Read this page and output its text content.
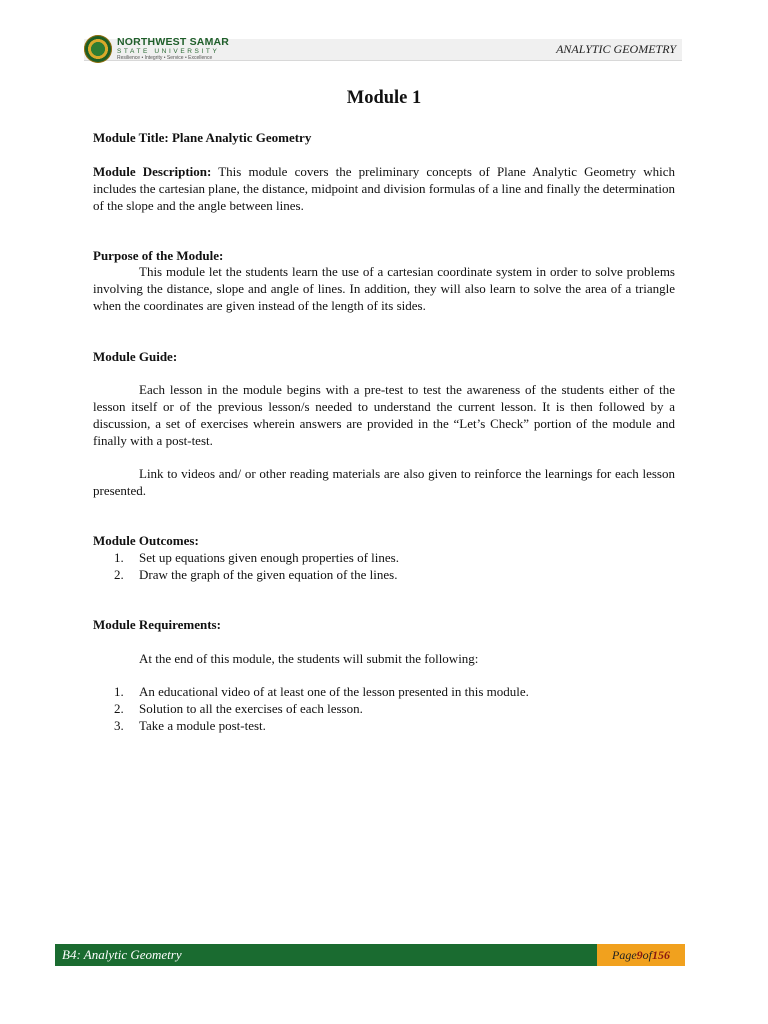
NORTHWEST SAMAR
STATE UNIVERSITY
Resilience • Integrity • Service • Excellence
ANALYTIC GEOMETRY
Module 1

Module Title: Plane Analytic Geometry

Module Description: This module covers the preliminary concepts of Plane Analytic Geometry which includes the cartesian plane, the distance, midpoint and division formulas of a line and finally the determination of the slope and the angle between lines.

Purpose of the Module:

This module let the students learn the use of a cartesian coordinate system in order to solve problems involving the distance, slope and angle of lines. In addition, they will also learn to solve the area of a triangle when the coordinates are given instead of the length of its sides.

Module Guide:

Each lesson in the module begins with a pre-test to test the awareness of the students either of the lesson itself or of the previous lesson/s needed to understand the current lesson. It is then followed by a discussion, a set of exercises wherein answers are provided in the “Let’s Check” portion of the module and finally with a post-test.

Link to videos and/ or other reading materials are also given to reinforce the learnings for each lesson presented.

Module Outcomes:

1. Set up equations given enough properties of lines.
2. Draw the graph of the given equation of the lines.

Module Requirements:

At the end of this module, the students will submit the following:

1. An educational video of at least one of the lesson presented in this module.
2. Solution to all the exercises of each lesson.
3. Take a module post-test.
B4: Analytic Geometry	Page 9 of 156
